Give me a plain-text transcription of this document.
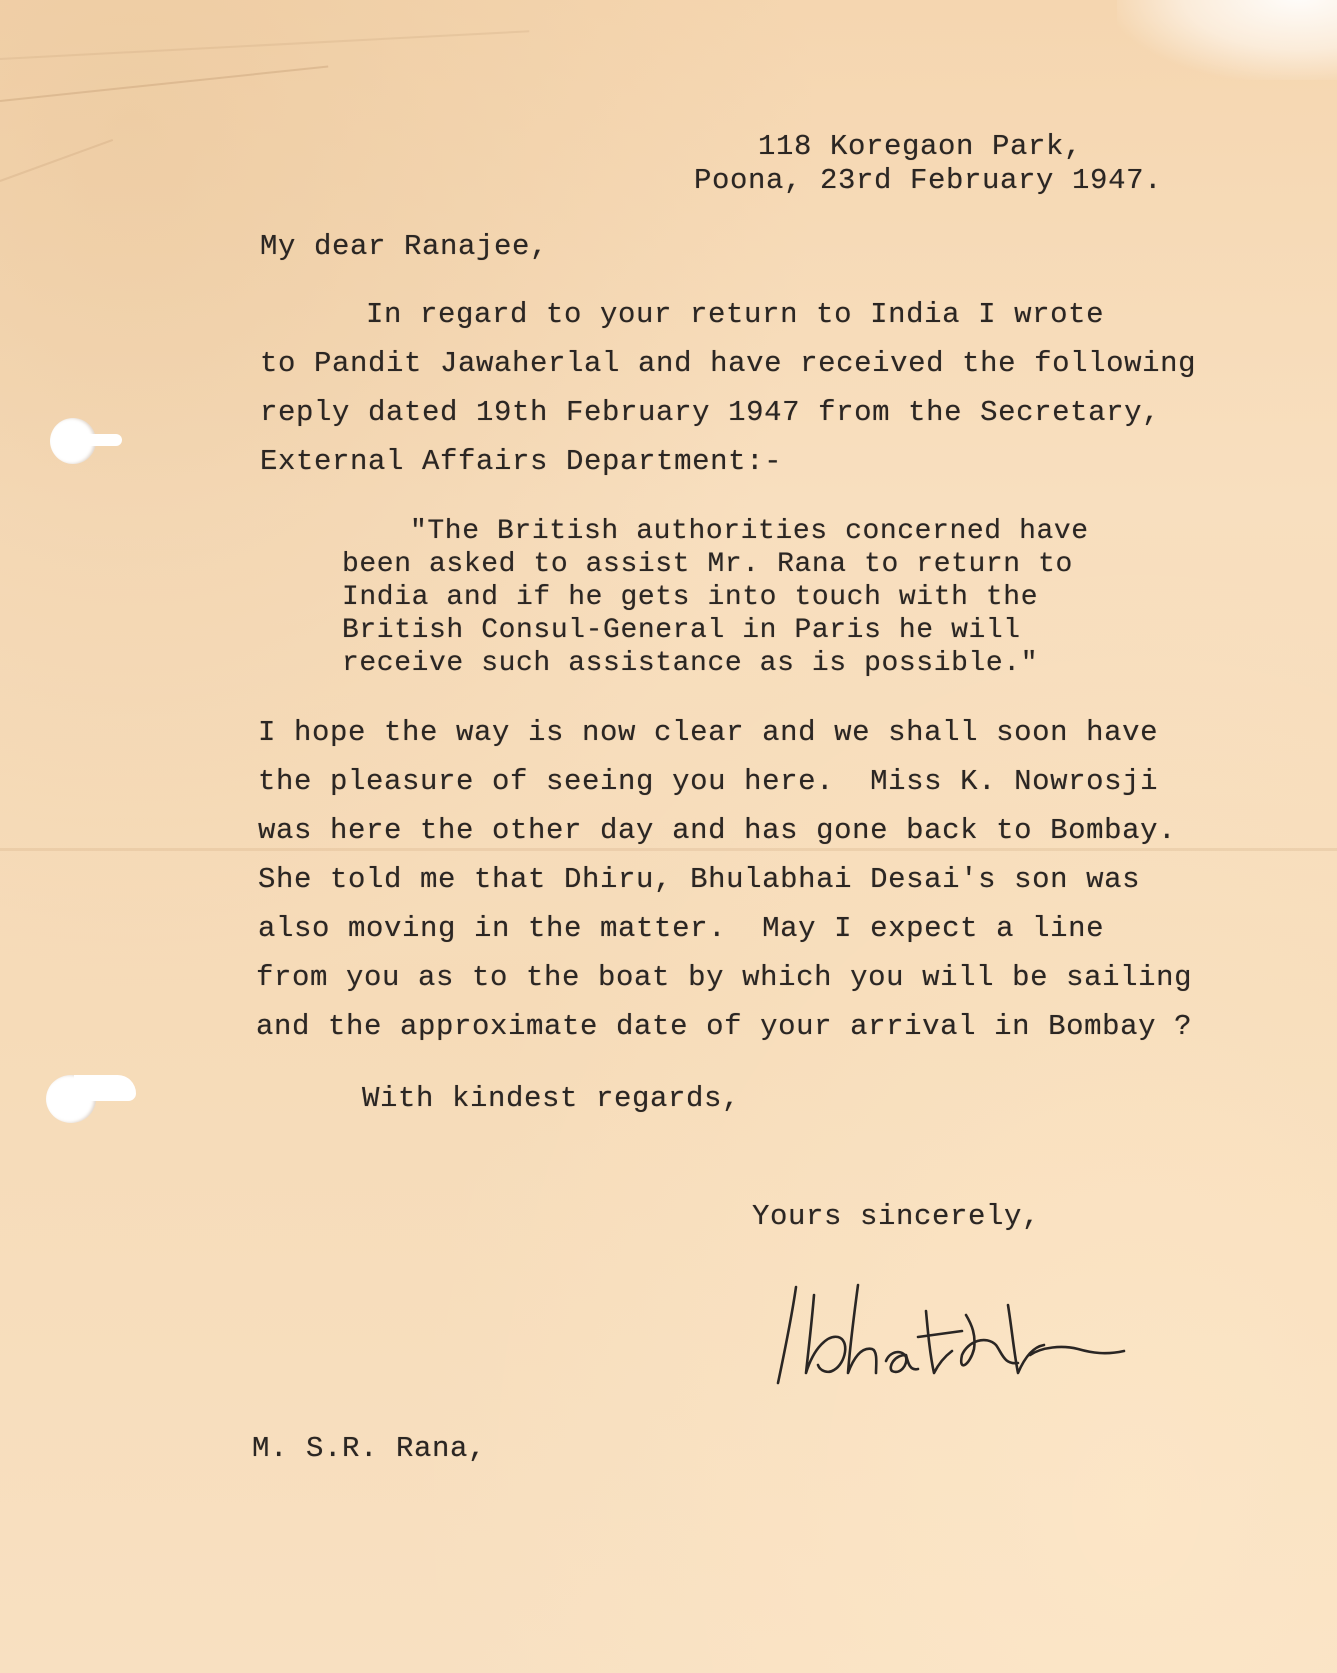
118 Koregaon Park,

Poona, 23rd February 1947.

My dear Ranajee,

In regard to your return to India I wrote

to Pandit Jawaherlal and have received the following

reply dated 19th February 1947 from the Secretary,

External Affairs Department:-

"The British authorities concerned have

been asked to assist Mr. Rana to return to

India and if he gets into touch with the

British Consul-General in Paris he will

receive such assistance as is possible."

I hope the way is now clear and we shall soon have

the pleasure of seeing you here.  Miss K. Nowrosji

was here the other day and has gone back to Bombay.

She told me that Dhiru, Bhulabhai Desai's son was

also moving in the matter.  May I expect a line

from you as to the boat by which you will be sailing

and the approximate date of your arrival in Bombay ?

With kindest regards,

Yours sincerely,

M. S.R. Rana,
